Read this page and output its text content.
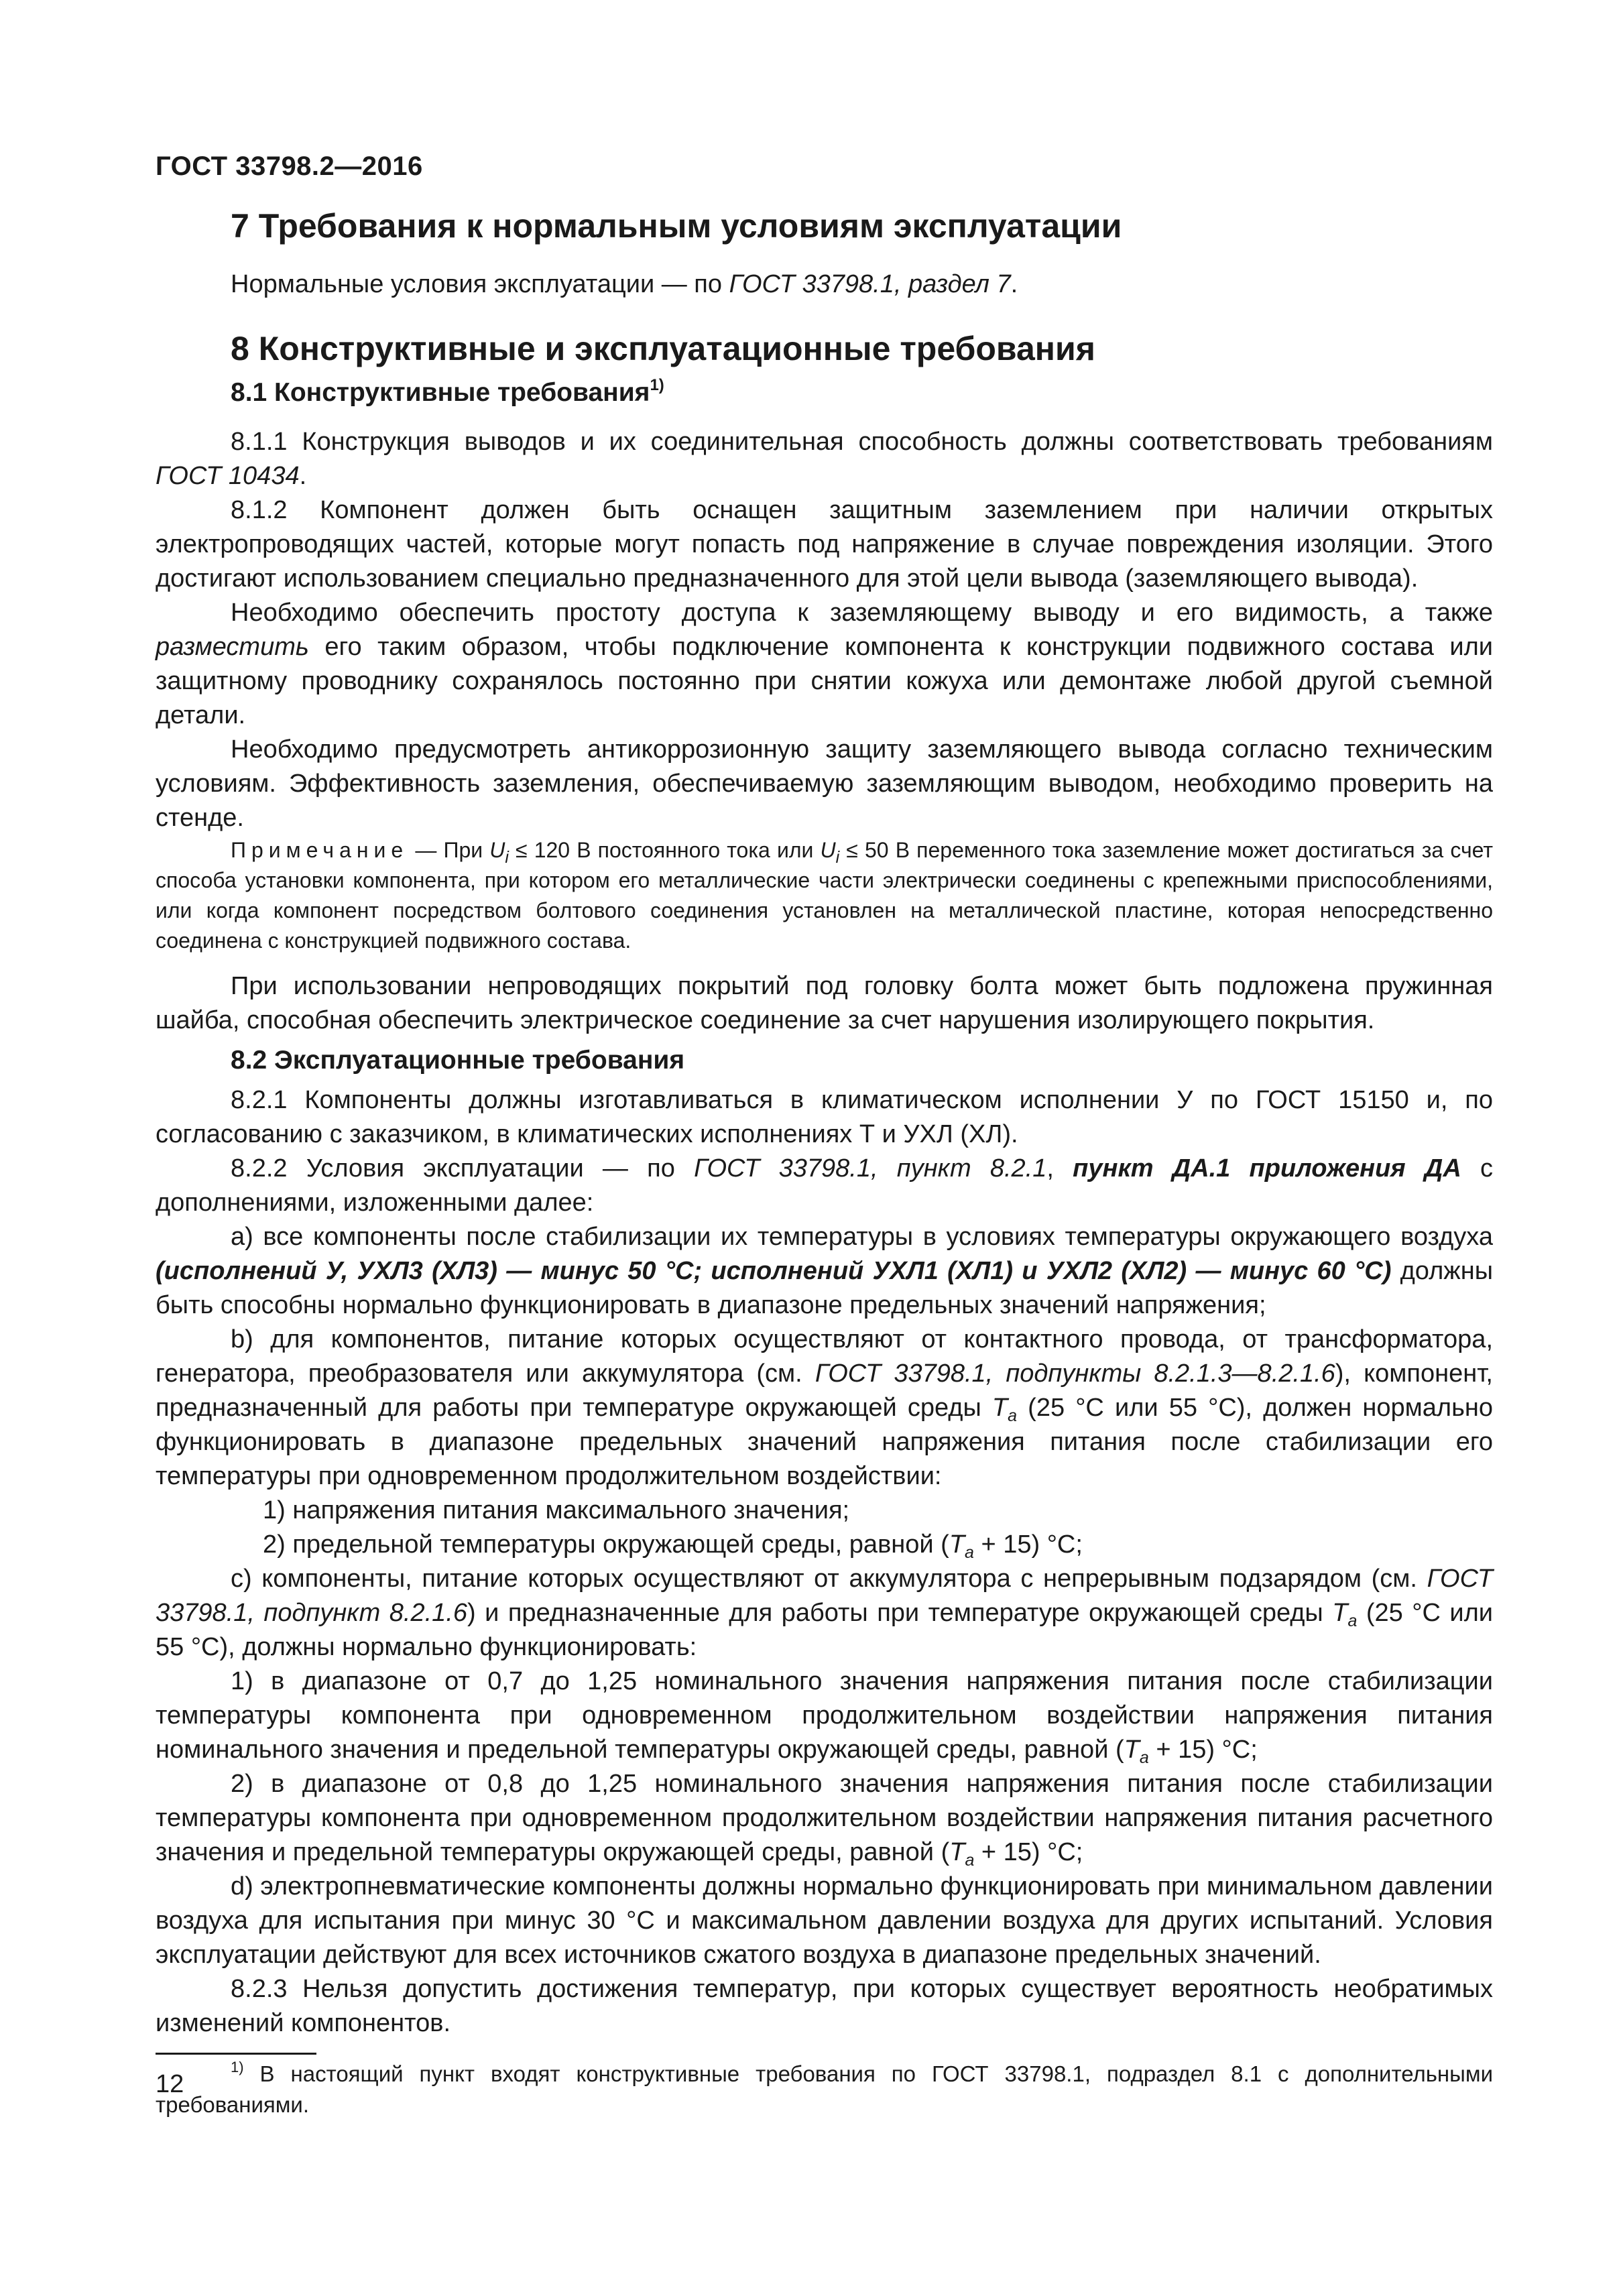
ГОСТ 33798.2—2016
7 Требования к нормальным условиям эксплуатации

Нормальные условия эксплуатации — по ГОСТ 33798.1, раздел 7.

8 Конструктивные и эксплуатационные требования
8.1 Конструктивные требования$^{1)}$

8.1.1 Конструкция выводов и их соединительная способность должны соответствовать требованиям ГОСТ 10434.

8.1.2 Компонент должен быть оснащен защитным заземлением при наличии открытых электропроводящих частей, которые могут попасть под напряжение в случае повреждения изоляции. Этого достигают использованием специально предназначенного для этой цели вывода (заземляющего вывода).

Необходимо обеспечить простоту доступа к заземляющему выводу и его видимость, а также разместить его таким образом, чтобы подключение компонента к конструкции подвижного состава или защитному проводнику сохранялось постоянно при снятии кожуха или демонтаже любой другой съемной детали.

Необходимо предусмотреть антикоррозионную защиту заземляющего вывода согласно техническим условиям. Эффективность заземления, обеспечиваемую заземляющим выводом, необходимо проверить на стенде.

Примечание — При $U_i \le 120$ В постоянного тока или $U_i \le 50$ В переменного тока заземление может достигаться за счет способа установки компонента, при котором его металлические части электрически соединены с крепежными приспособлениями, или когда компонент посредством болтового соединения установлен на металлической пластине, которая непосредственно соединена с конструкцией подвижного состава.

При использовании непроводящих покрытий под головку болта может быть подложена пружинная шайба, способная обеспечить электрическое соединение за счет нарушения изолирующего покрытия.

8.2 Эксплуатационные требования

8.2.1 Компоненты должны изготавливаться в климатическом исполнении У по ГОСТ 15150 и, по согласованию с заказчиком, в климатических исполнениях Т и УХЛ (ХЛ).

8.2.2 Условия эксплуатации — по ГОСТ 33798.1, пункт 8.2.1, пункт ДА.1 приложения ДА с дополнениями, изложенными далее:

а) все компоненты после стабилизации их температуры в условиях температуры окружающего воздуха (исполнений У, УХЛ3 (ХЛ3) — минус 50 °С; исполнений УХЛ1 (ХЛ1) и УХЛ2 (ХЛ2) — минус 60 °С) должны быть способны нормально функционировать в диапазоне предельных значений напряжения;

b) для компонентов, питание которых осуществляют от контактного провода, от трансформатора, генератора, преобразователя или аккумулятора (см. ГОСТ 33798.1, подпункты 8.2.1.3—8.2.1.6), компонент, предназначенный для работы при температуре окружающей среды $T_a$ (25 °С или 55 °С), должен нормально функционировать в диапазоне предельных значений напряжения питания после стабилизации его температуры при одновременном продолжительном воздействии:

1) напряжения питания максимального значения;

2) предельной температуры окружающей среды, равной $(T_a + 15)$ °С;

с) компоненты, питание которых осуществляют от аккумулятора с непрерывным подзарядом (см. ГОСТ 33798.1, подпункт 8.2.1.6) и предназначенные для работы при температуре окружающей среды $T_a$ (25 °С или 55 °С), должны нормально функционировать:

1) в диапазоне от 0,7 до 1,25 номинального значения напряжения питания после стабилизации температуры компонента при одновременном продолжительном воздействии напряжения питания номинального значения и предельной температуры окружающей среды, равной $(T_a + 15)$ °С;

2) в диапазоне от 0,8 до 1,25 номинального значения напряжения питания после стабилизации температуры компонента при одновременном продолжительном воздействии напряжения питания расчетного значения и предельной температуры окружающей среды, равной $(T_a + 15)$ °С;

d) электропневматические компоненты должны нормально функционировать при минимальном давлении воздуха для испытания при минус 30 °С и максимальном давлении воздуха для других испытаний. Условия эксплуатации действуют для всех источников сжатого воздуха в диапазоне предельных значений.

8.2.3 Нельзя допустить достижения температур, при которых существует вероятность необратимых изменений компонентов.

$^{1)}$ В настоящий пункт входят конструктивные требования по ГОСТ 33798.1, подраздел 8.1 с дополнительными требованиями.
12
